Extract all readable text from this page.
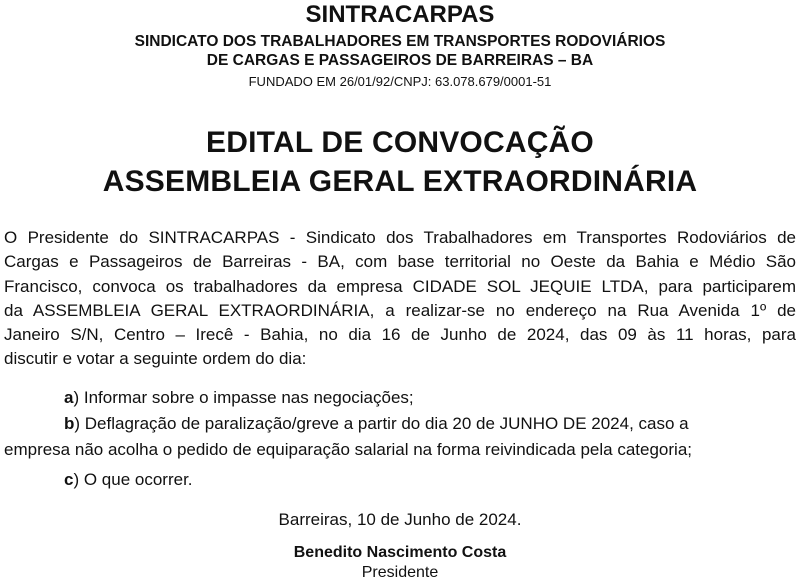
SINTRACARPAS
SINDICATO DOS TRABALHADORES EM TRANSPORTES RODOVIÁRIOS
DE CARGAS E PASSAGEIROS DE BARREIRAS – BA
FUNDADO EM 26/01/92/CNPJ: 63.078.679/0001-51
EDITAL DE CONVOCAÇÃO
ASSEMBLEIA GERAL EXTRAORDINÁRIA
O Presidente do SINTRACARPAS - Sindicato dos Trabalhadores em Transportes Rodoviários de
Cargas e Passageiros de Barreiras - BA, com base territorial no Oeste da Bahia e Médio São
Francisco, convoca os trabalhadores da empresa CIDADE SOL JEQUIE LTDA, para participarem
da ASSEMBLEIA GERAL EXTRAORDINÁRIA, a realizar-se no endereço na Rua Avenida 1º de
Janeiro S/N, Centro – Irecê - Bahia, no dia 16 de Junho de 2024, das 09 às 11 horas, para
discutir e votar a seguinte ordem do dia:
a) Informar sobre o impasse nas negociações;
b) Deflagração de paralização/greve a partir do dia 20 de JUNHO DE 2024, caso a
empresa não acolha o pedido de equiparação salarial na forma reivindicada pela categoria;
c) O que ocorrer.
Barreiras, 10 de Junho de 2024.
Benedito Nascimento Costa
Presidente
